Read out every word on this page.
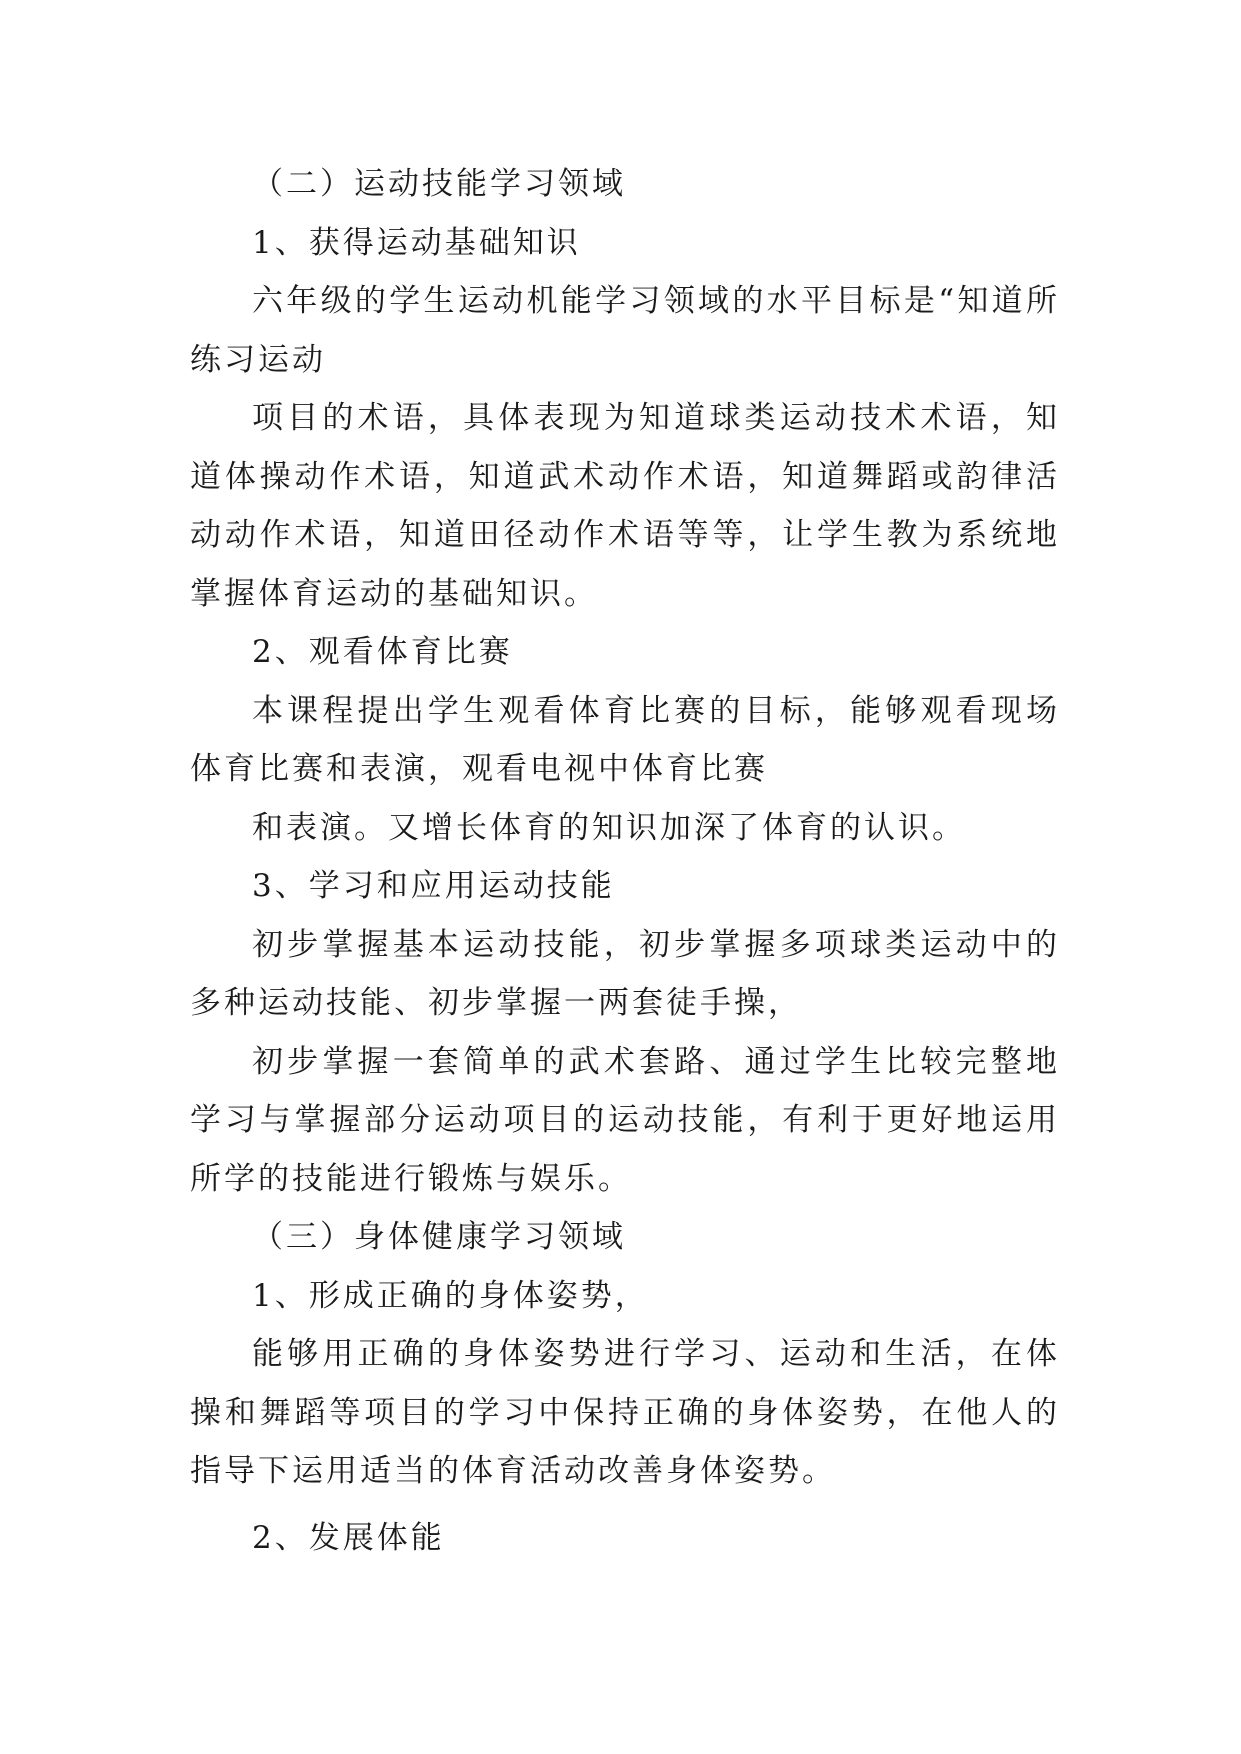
（二）运动技能学习领域

1、获得运动基础知识

六年级的学生运动机能学习领域的水平目标是“知道所练习运动

项目的术语，具体表现为知道球类运动技术术语，知道体操动作术语，知道武术动作术语，知道舞蹈或韵律活动动作术语，知道田径动作术语等等，让学生教为系统地掌握体育运动的基础知识。

2、观看体育比赛

本课程提出学生观看体育比赛的目标，能够观看现场体育比赛和表演，观看电视中体育比赛

和表演。又增长体育的知识加深了体育的认识。

3、学习和应用运动技能

初步掌握基本运动技能，初步掌握多项球类运动中的多种运动技能、初步掌握一两套徒手操，

初步掌握一套简单的武术套路、通过学生比较完整地学习与掌握部分运动项目的运动技能，有利于更好地运用所学的技能进行锻炼与娱乐。

（三）身体健康学习领域

1、形成正确的身体姿势，

能够用正确的身体姿势进行学习、运动和生活，在体操和舞蹈等项目的学习中保持正确的身体姿势，在他人的指导下运用适当的体育活动改善身体姿势。

2、发展体能
